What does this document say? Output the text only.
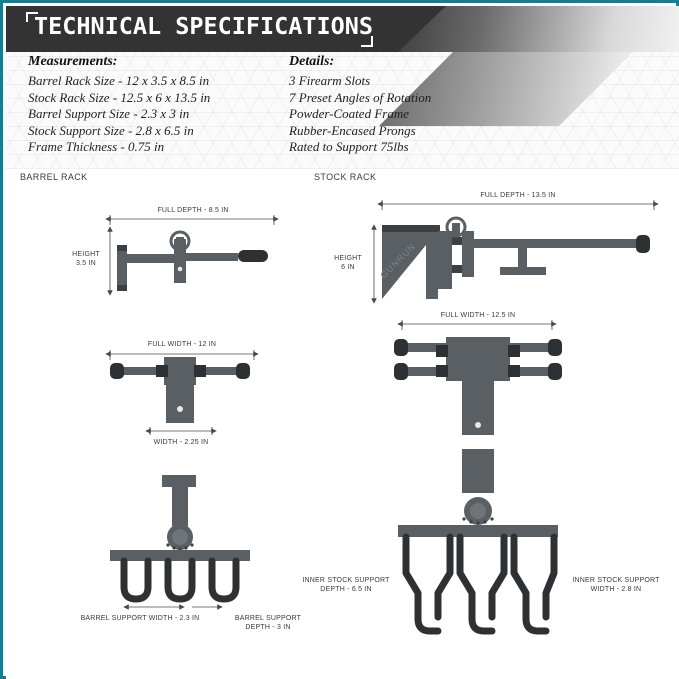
TECHNICAL SPECIFICATIONS
Measurements:
Barrel Rack Size - 12 x 3.5 x 8.5 in
Stock Rack Size - 12.5 x 6 x 13.5 in
Barrel Support Size - 2.3 x 3 in
Stock Support Size - 2.8 x 6.5 in
Frame Thickness - 0.75 in
Details:
3 Firearm Slots
7 Preset Angles of Rotation
Powder-Coated Frame
Rubber-Encased Prongs
Rated to Support 75lbs
BARREL RACK	STOCK RACK
GUNRUN
FULL DEPTH - 8.5 IN
HEIGHT
3.5 IN
FULL WIDTH - 12 IN
WIDTH - 2.25 IN
BARREL SUPPORT WIDTH - 2.3 IN	BARREL SUPPORT
DEPTH - 3 IN
FULL DEPTH - 13.5 IN
HEIGHT
6 IN
FULL WIDTH - 12.5 IN
INNER STOCK SUPPORT
DEPTH - 6.5 IN
INNER STOCK SUPPORT
WIDTH - 2.8 IN
